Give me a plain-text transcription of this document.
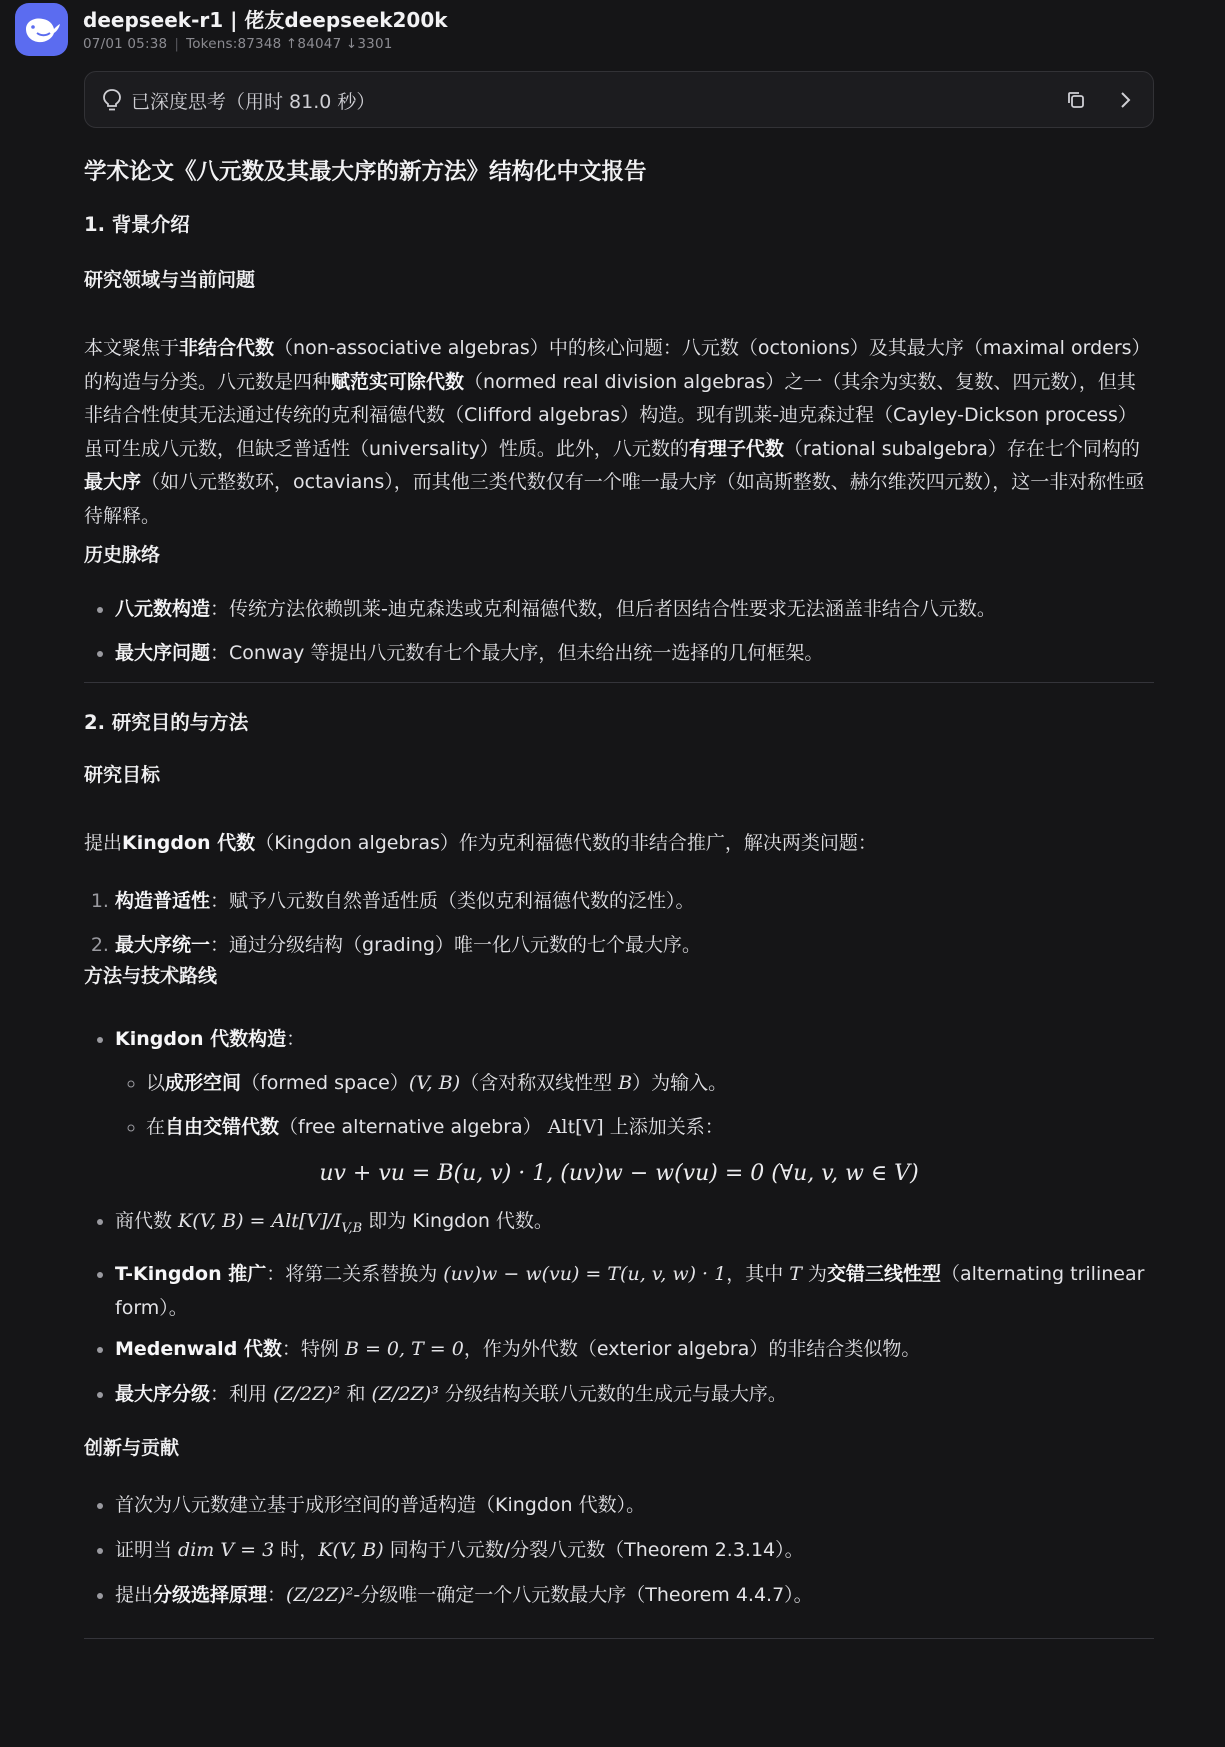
deepseek-r1 | 佬友deepseek200k
07/01 05:38 | Tokens:87348 ↑84047 ↓3301
已深度思考（用时 81.0 秒）
学术论文《八元数及其最大序的新方法》结构化中文报告
1. 背景介绍
研究领域与当前问题

本文聚焦于非结合代数（non-associative algebras）中的核心问题：八元数（octonions）及其最大序（maximal orders）的构造与分类。八元数是四种赋范实可除代数（normed real division algebras）之一（其余为实数、复数、四元数），但其非结合性使其无法通过传统的克利福德代数（Clifford algebras）构造。现有凯莱-迪克森过程（Cayley-Dickson process）虽可生成八元数，但缺乏普适性（universality）性质。此外，八元数的有理子代数（rational subalgebra）存在七个同构的最大序（如八元整数环，octavians），而其他三类代数仅有一个唯一最大序（如高斯整数、赫尔维茨四元数），这一非对称性亟待解释。

历史脉络
• 八元数构造：传统方法依赖凯莱-迪克森迭或克利福德代数，但后者因结合性要求无法涵盖非结合八元数。
• 最大序问题：Conway 等提出八元数有七个最大序，但未给出统一选择的几何框架。
2. 研究目的与方法
研究目标

提出Kingdon 代数（Kingdon algebras）作为克利福德代数的非结合推广，解决两类问题：

1. 构造普适性：赋予八元数自然普适性质（类似克利福德代数的泛性）。
2. 最大序统一：通过分级结构（grading）唯一化八元数的七个最大序。
方法与技术路线
• Kingdon 代数构造：
◦ 以成形空间（formed space）(V, B)（含对称双线性型 B）为输入。
◦ 在自由交错代数（free alternative algebra） Alt[V] 上添加关系：
uv + vu = B(u, v) · 1, (uv)w − w(vu) = 0 (∀u, v, w ∈ V)
• 商代数 K(V, $B) = Alt[V]/I_{V,B}$ 即为 Kingdon 代数。
• T-Kingdon 推广：将第二关系替换为 (uv)w − w(vu) = T(u, v, w) · 1，其中 T 为交错三线性型（alternating trilinear form）。
• Medenwald 代数：特例 B = 0, T = 0，作为外代数（exterior algebra）的非结合类似物。
• 最大序分级：利用 (Z/2Z)² 和 (Z/2Z)³ 分级结构关联八元数的生成元与最大序。
创新与贡献
• 首次为八元数建立基于成形空间的普适构造（Kingdon 代数）。
• 证明当 dim V = 3 时，K(V, B) 同构于八元数/分裂八元数（Theorem 2.3.14）。
• 提出分级选择原理：(Z/2Z)²-分级唯一确定一个八元数最大序（Theorem 4.4.7）。
